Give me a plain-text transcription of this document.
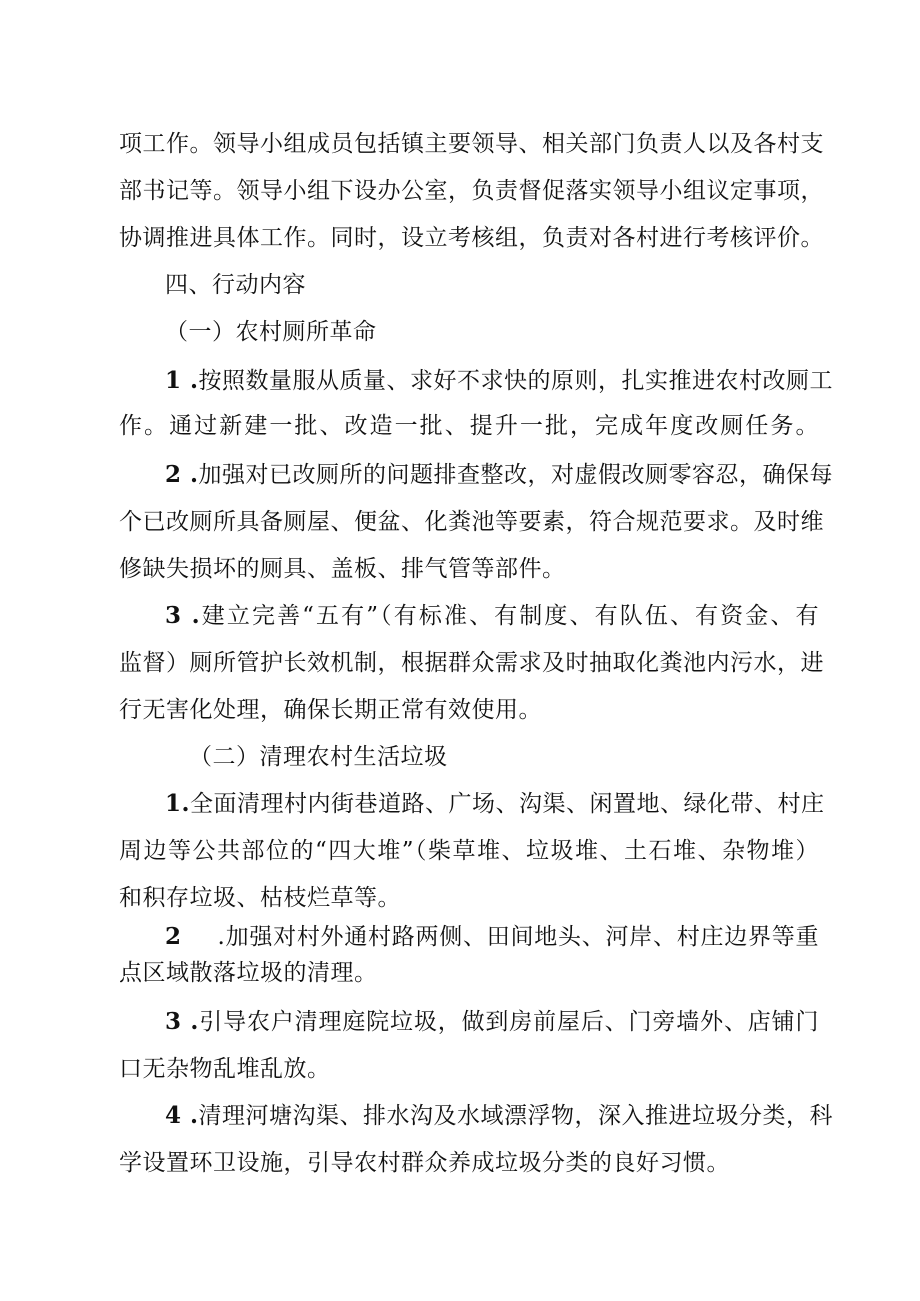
项工作。领导小组成员包括镇主要领导、相关部门负责人以及各村支
部书记等。领导小组下设办公室，负责督促落实领导小组议定事项，
协调推进具体工作。同时，设立考核组，负责对各村进行考核评价。
四、行动内容
（一）农村厕所革命
1 .按照数量服从质量、求好不求快的原则，扎实推进农村改厕工
作。通过新建一批、改造一批、提升一批，完成年度改厕任务。
2 .加强对已改厕所的问题排查整改，对虚假改厕零容忍，确保每
个已改厕所具备厕屋、便盆、化粪池等要素，符合规范要求。及时维
修缺失损坏的厕具、盖板、排气管等部件。
3 .建立完善“五有”（有标准、有制度、有队伍、有资金、有
监督）厕所管护长效机制，根据群众需求及时抽取化粪池内污水，进
行无害化处理，确保长期正常有效使用。
（二）清理农村生活垃圾
1.全面清理村内街巷道路、广场、沟渠、闲置地、绿化带、村庄
周边等公共部位的“四大堆”（柴草堆、垃圾堆、土石堆、杂物堆）
和积存垃圾、枯枝烂草等。
2 .加强对村外通村路两侧、田间地头、河岸、村庄边界等重
点区域散落垃圾的清理。
3 .引导农户清理庭院垃圾，做到房前屋后、门旁墙外、店铺门
口无杂物乱堆乱放。
4 .清理河塘沟渠、排水沟及水域漂浮物，深入推进垃圾分类，科
学设置环卫设施，引导农村群众养成垃圾分类的良好习惯。
